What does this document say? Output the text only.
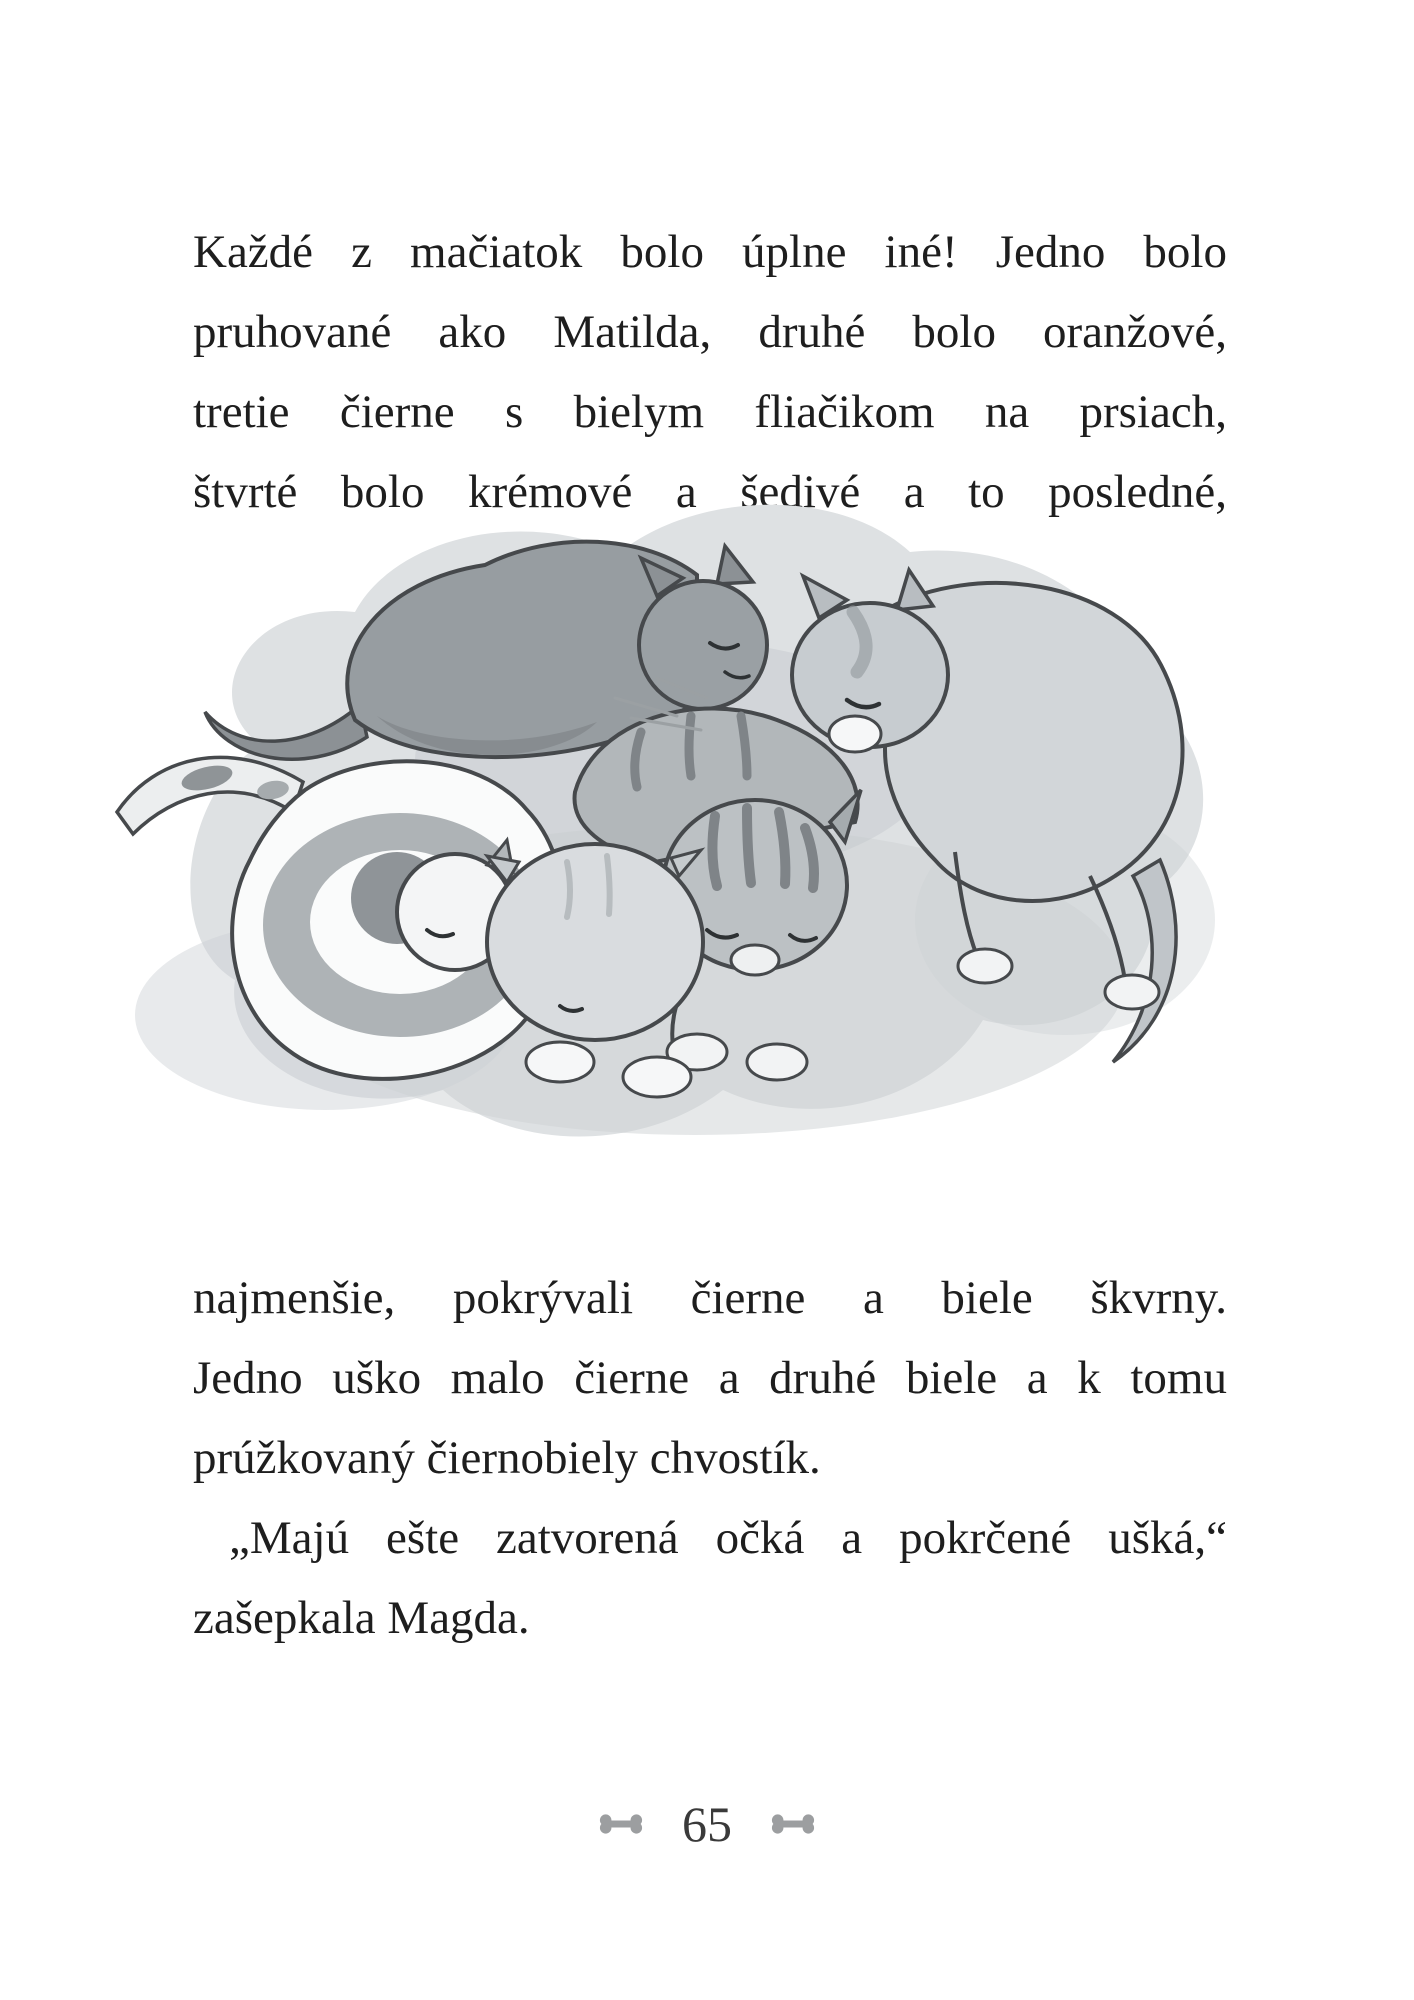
Každé z mačiatok bolo úplne iné! Jedno bolo
pruhované ako Matilda, druhé bolo oranžové,
tretie čierne s bielym fliačikom na prsiach,
štvrté bolo krémové a šedivé a to posledné,
najmenšie, pokrývali čierne a biele škvrny.
Jedno uško malo čierne a druhé biele a k tomu
prúžkovaný čiernobiely chvostík.
„Majú ešte zatvorená očká a pokrčené ušká,“
zašepkala Magda.
65
